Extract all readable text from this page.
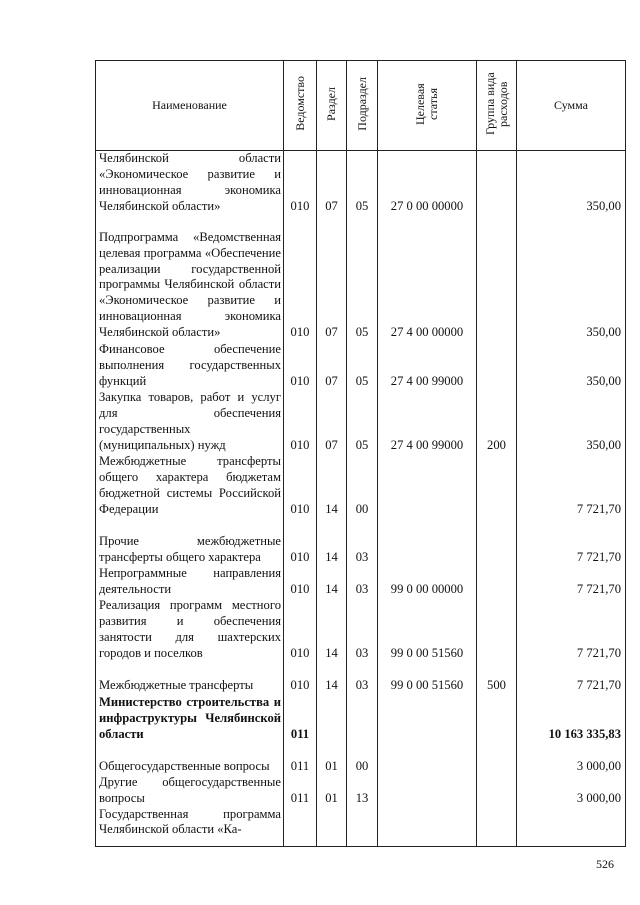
Наименование	Ведомство	Раздел	Подраздел	Целевая статья	Группа вида расходов	Сумма

Челябинской области «Экономическое развитие и инновационная экономика Челябинской области»	010	07	05	27 0 00 00000		350,00

Подпрограмма «Ведомственная целевая программа «Обеспечение реализации государственной программы Челябинской области «Экономическое развитие и инновационная экономика Челябинской области»	010	07	05	27 4 00 00000		350,00

Финансовое обеспечение выполнения государственных функций	010	07	05	27 4 00 99000		350,00

Закупка товаров, работ и услуг для обеспечения государственных (муниципальных) нужд	010	07	05	27 4 00 99000	200	350,00

Межбюджетные трансферты общего характера бюджетам бюджетной системы Российской Федерации	010	14	00			7 721,70

Прочие межбюджетные трансферты общего характера	010	14	03			7 721,70

Непрограммные направления деятельности	010	14	03	99 0 00 00000		7 721,70

Реализация программ местного развития и обеспечения занятости для шахтерских городов и поселков	010	14	03	99 0 00 51560		7 721,70

Межбюджетные трансферты	010	14	03	99 0 00 51560	500	7 721,70

Министерство строительства и инфраструктуры Челябинской области	011					10 163 335,83

Общегосударственные вопросы	011	01	00			3 000,00

Другие общегосударственные вопросы	011	01	13			3 000,00

Государственная программа Челябинской области «Ка-						

526
